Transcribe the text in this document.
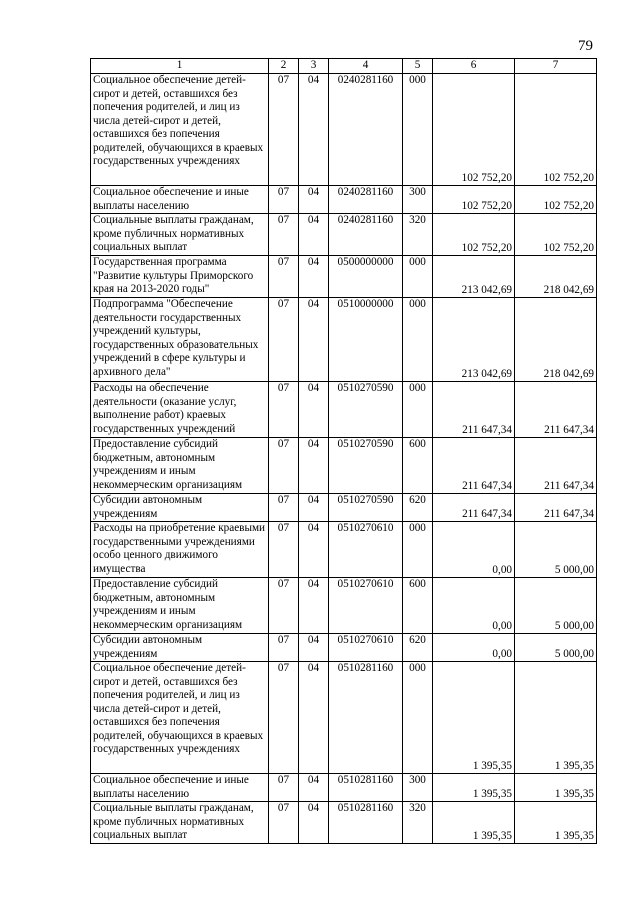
79
1	2	3	4	5	6	7
Социальное обеспечение детей-сирот и детей, оставшихся без попечения родителей, и лиц из числа детей-сирот и детей, оставшихся без попечения родителей, обучающихся в краевых государственных учреждениях	07	04	0240281160	000	102 752,20	102 752,20
Социальное обеспечение и иные выплаты населению	07	04	0240281160	300	102 752,20	102 752,20
Социальные выплаты гражданам, кроме публичных нормативных социальных выплат	07	04	0240281160	320	102 752,20	102 752,20
Государственная программа "Развитие культуры Приморского края на 2013-2020 годы"	07	04	0500000000	000	213 042,69	218 042,69
Подпрограмма "Обеспечение деятельности государственных учреждений культуры, государственных образовательных учреждений в сфере культуры и архивного дела"	07	04	0510000000	000	213 042,69	218 042,69
Расходы на обеспечение деятельности (оказание услуг, выполнение работ) краевых государственных учреждений	07	04	0510270590	000	211 647,34	211 647,34
Предоставление субсидий бюджетным, автономным учреждениям и иным некоммерческим организациям	07	04	0510270590	600	211 647,34	211 647,34
Субсидии автономным учреждениям	07	04	0510270590	620	211 647,34	211 647,34
Расходы на приобретение краевыми государственными учреждениями особо ценного движимого имущества	07	04	0510270610	000	0,00	5 000,00
Предоставление субсидий бюджетным, автономным учреждениям и иным некоммерческим организациям	07	04	0510270610	600	0,00	5 000,00
Субсидии автономным учреждениям	07	04	0510270610	620	0,00	5 000,00
Социальное обеспечение детей-сирот и детей, оставшихся без попечения родителей, и лиц из числа детей-сирот и детей, оставшихся без попечения родителей, обучающихся в краевых государственных учреждениях	07	04	0510281160	000	1 395,35	1 395,35
Социальное обеспечение и иные выплаты населению	07	04	0510281160	300	1 395,35	1 395,35
Социальные выплаты гражданам, кроме публичных нормативных социальных выплат	07	04	0510281160	320	1 395,35	1 395,35
